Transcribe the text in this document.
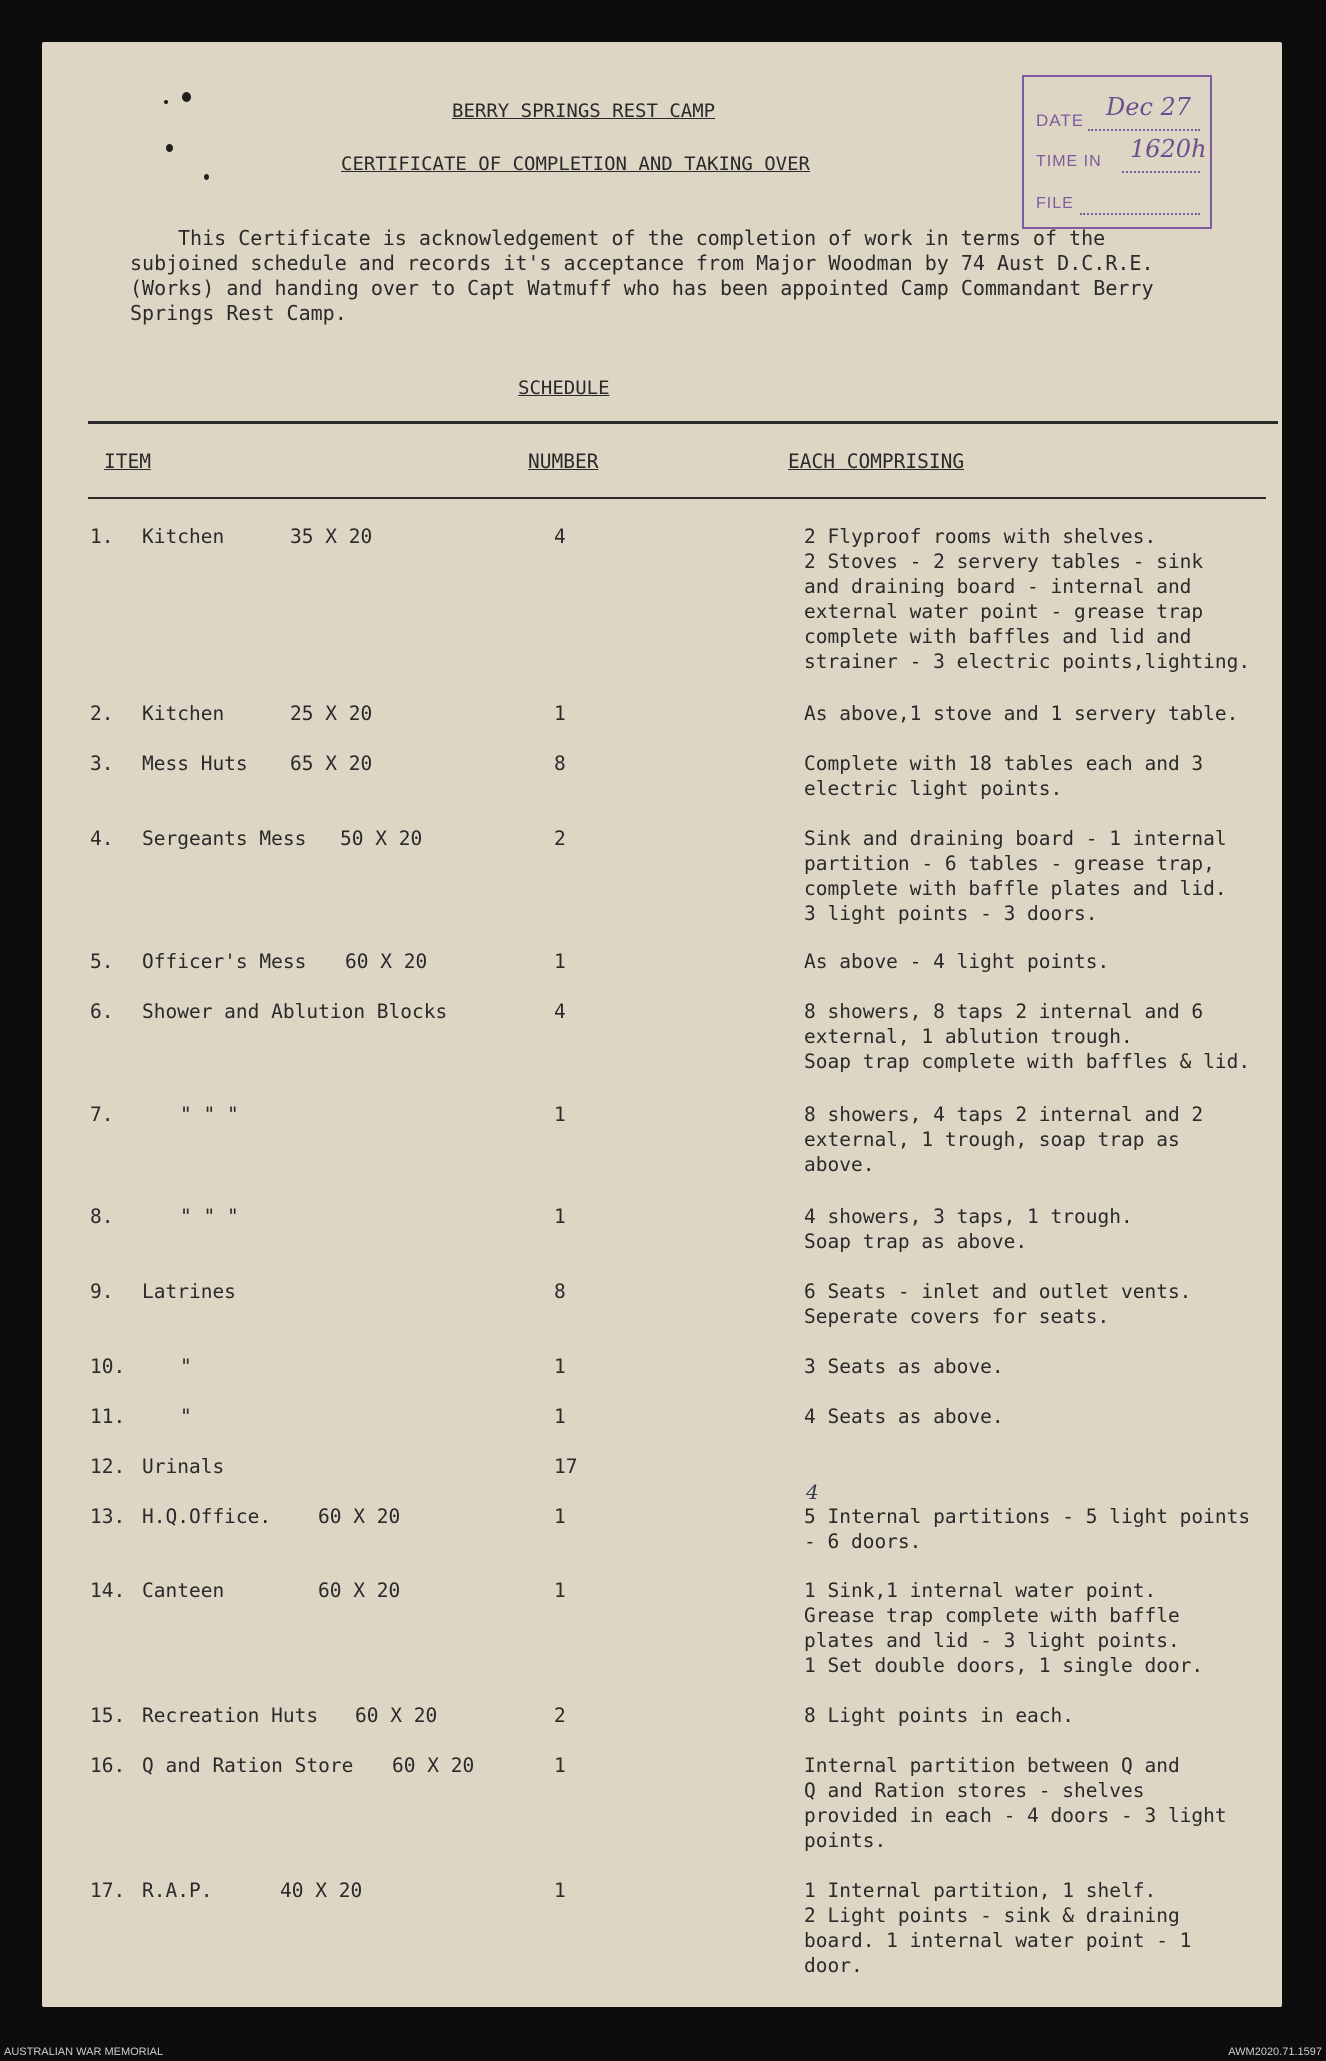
DATE Dec 27
TIME IN 1620h
FILE
BERRY SPRINGS REST CAMP
CERTIFICATE OF COMPLETION AND TAKING OVER
This Certificate is acknowledgement of the completion of work in terms of the
subjoined schedule and records it's acceptance from Major Woodman by 74 Aust D.C.R.E.
(Works) and handing over to Capt Watmuff who has been appointed Camp Commandant Berry
Springs Rest Camp.
SCHEDULE
ITEM	NUMBER	EACH COMPRISING
1. Kitchen	35 X 20	4	2 Flyproof rooms with shelves.
2 Stoves - 2 servery tables - sink
and draining board - internal and
external water point - grease trap
complete with baffles and lid and
strainer - 3 electric points,lighting.
2. Kitchen	25 X 20	1	As above,1 stove and 1 servery table.
3. Mess Huts 65 X 20	8	Complete with 18 tables each and 3
electric light points.
4. Sergeants Mess 50 X 20	2	Sink and draining board - 1 internal
partition - 6 tables - grease trap,
complete with baffle plates and lid.
3 light points - 3 doors.
5. Officer's Mess 60 X 20	1	As above - 4 light points.
6. Shower and Ablution Blocks	4	8 showers, 8 taps 2 internal and 6
external, 1 ablution trough.
Soap trap complete with baffles & lid.
7.	" " "	1	8 showers, 4 taps 2 internal and 2
external, 1 trough, soap trap as
above.
8.	" " "	1	4 showers, 3 taps, 1 trough.
Soap trap as above.
9. Latrines	8	6 Seats - inlet and outlet vents.
Seperate covers for seats.
10.	"	1	3 Seats as above.
11.	"	1	4 Seats as above.
12. Urinals	17
13. H.Q.Office. 60 X 20	1	5 Internal partitions - 5 light points
- 6 doors.
4
14. Canteen	60 X 20	1	1 Sink,1 internal water point.
Grease trap complete with baffle
plates and lid - 3 light points.
1 Set double doors, 1 single door.
15. Recreation Huts 60 X 20	2	8 Light points in each.
16. Q and Ration Store 60 X 20	1	Internal partition between Q and
Q and Ration stores - shelves
provided in each - 4 doors - 3 light
points.
17. R.A.P.	40 X 20	1	1 Internal partition, 1 shelf.
2 Light points - sink & draining
board. 1 internal water point - 1
door.
AUSTRALIAN WAR MEMORIAL	AWM2020.71.1597
